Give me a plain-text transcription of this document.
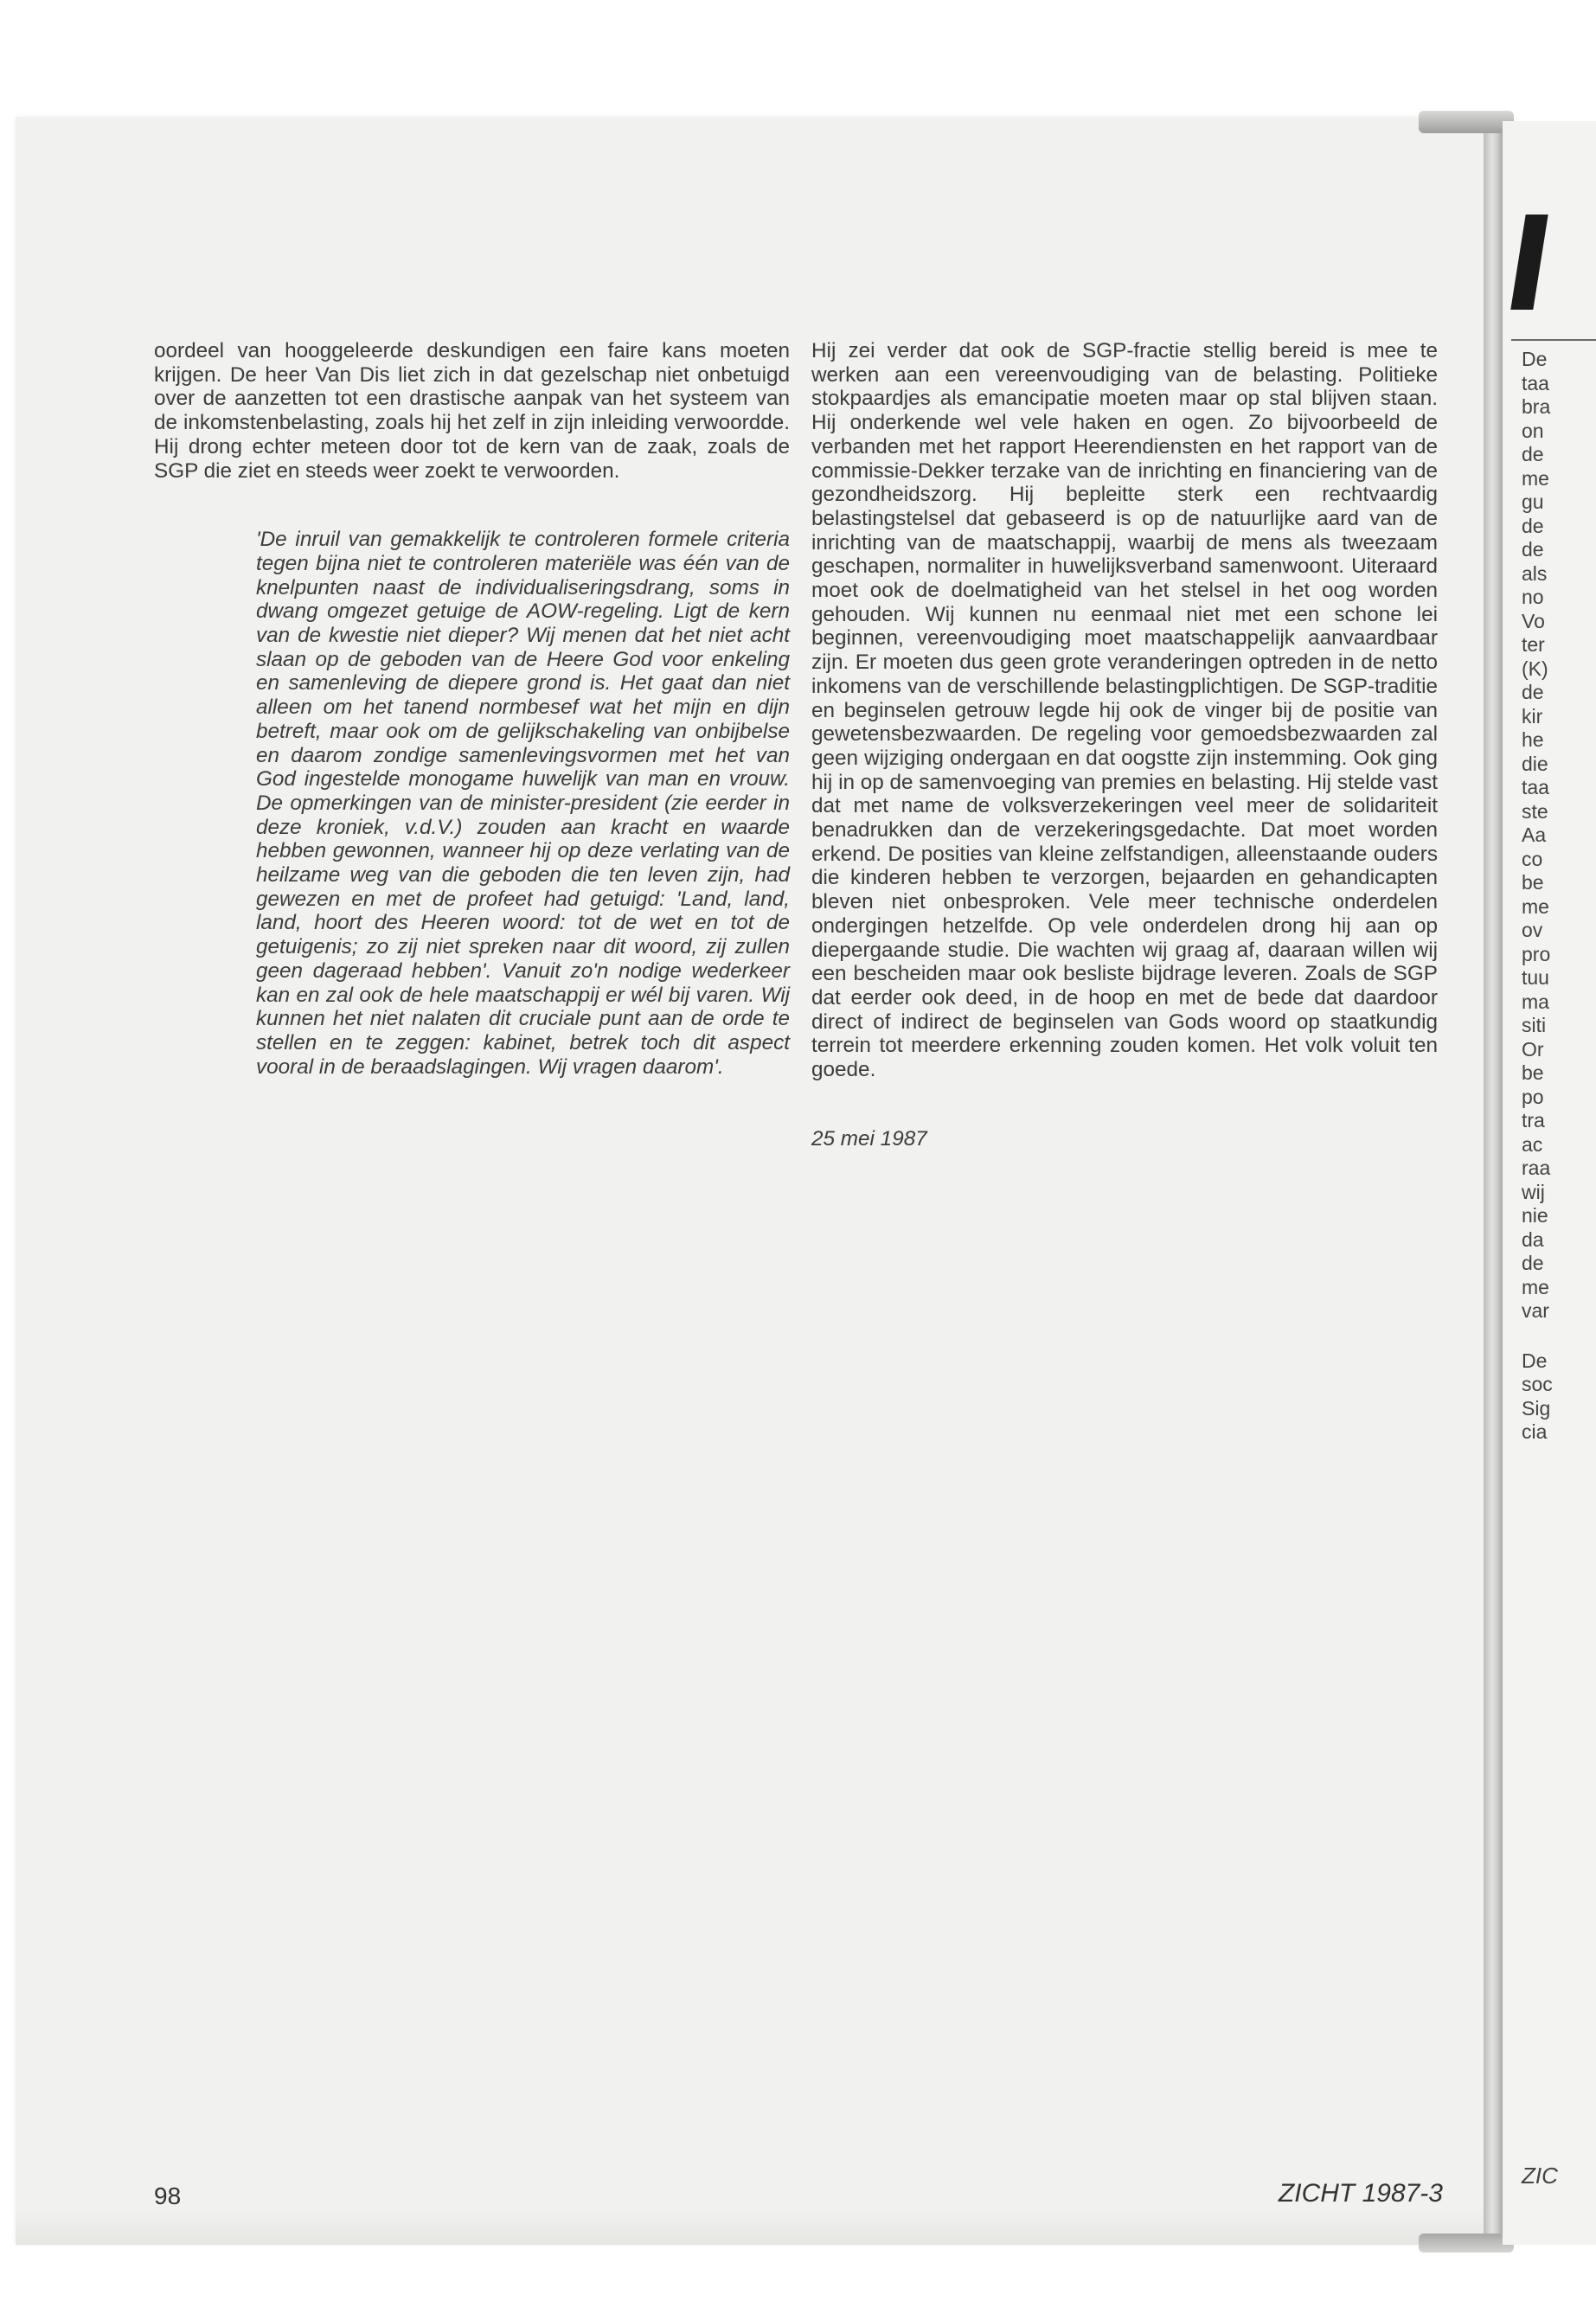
oordeel van hooggeleerde deskundigen een faire kans moeten krijgen. De heer Van Dis liet zich in dat gezelschap niet onbetuigd over de aanzetten tot een drastische aanpak van het systeem van de inkomstenbelasting, zoals hij het zelf in zijn inleiding verwoordde. Hij drong echter meteen door tot de kern van de zaak, zoals de SGP die ziet en steeds weer zoekt te verwoorden.

'De inruil van gemakkelijk te controleren formele criteria tegen bijna niet te controleren materiële was één van de knelpunten naast de individualiseringsdrang, soms in dwang omgezet getuige de AOW-regeling. Ligt de kern van de kwestie niet dieper? Wij menen dat het niet acht slaan op de geboden van de Heere God voor enkeling en samenleving de diepere grond is. Het gaat dan niet alleen om het tanend normbesef wat het mijn en dijn betreft, maar ook om de gelijkschakeling van onbijbelse en daarom zondige samenlevingsvormen met het van God ingestelde monogame huwelijk van man en vrouw. De opmerkingen van de minister-president (zie eerder in deze kroniek, v.d.V.) zouden aan kracht en waarde hebben gewonnen, wanneer hij op deze verlating van de heilzame weg van die geboden die ten leven zijn, had gewezen en met de profeet had getuigd: 'Land, land, land, hoort des Heeren woord: tot de wet en tot de getuigenis; zo zij niet spreken naar dit woord, zij zullen geen dageraad hebben'. Vanuit zo'n nodige wederkeer kan en zal ook de hele maatschappij er wél bij varen. Wij kunnen het niet nalaten dit cruciale punt aan de orde te stellen en te zeggen: kabinet, betrek toch dit aspect vooral in de beraadslagingen. Wij vragen daarom'.

Hij zei verder dat ook de SGP-fractie stellig bereid is mee te werken aan een vereenvoudiging van de belasting. Politieke stokpaardjes als emancipatie moeten maar op stal blijven staan. Hij onderkende wel vele haken en ogen. Zo bijvoorbeeld de verbanden met het rapport Heerendiensten en het rapport van de commissie-Dekker terzake van de inrichting en financiering van de gezondheidszorg. Hij bepleitte sterk een rechtvaardig belastingstelsel dat gebaseerd is op de natuurlijke aard van de inrichting van de maatschappij, waarbij de mens als tweezaam geschapen, normaliter in huwelijksverband samenwoont. Uiteraard moet ook de doelmatigheid van het stelsel in het oog worden gehouden. Wij kunnen nu eenmaal niet met een schone lei beginnen, vereenvoudiging moet maatschappelijk aanvaardbaar zijn. Er moeten dus geen grote veranderingen optreden in de netto inkomens van de verschillende belastingplichtigen. De SGP-traditie en beginselen getrouw legde hij ook de vinger bij de positie van gewetensbezwaarden. De regeling voor gemoedsbezwaarden zal geen wijziging ondergaan en dat oogstte zijn instemming. Ook ging hij in op de samenvoeging van premies en belasting. Hij stelde vast dat met name de volksverzekeringen veel meer de solidariteit benadrukken dan de verzekeringsgedachte. Dat moet worden erkend. De posities van kleine zelfstandigen, alleenstaande ouders die kinderen hebben te verzorgen, bejaarden en gehandicapten bleven niet onbesproken. Vele meer technische onderdelen ondergingen hetzelfde. Op vele onderdelen drong hij aan op diepergaande studie. Die wachten wij graag af, daaraan willen wij een bescheiden maar ook besliste bijdrage leveren. Zoals de SGP dat eerder ook deed, in de hoop en met de bede dat daardoor direct of indirect de beginselen van Gods woord op staatkundig terrein tot meerdere erkenning zouden komen. Het volk voluit ten goede.

25 mei 1987

98	ZICHT 1987-3
De
taa
bra
on
de
me
gu
de
de
als
no
Vo
ter
(K)
de
kir
he
die
taa
ste
Aa
co
be
me
ov
pro
tuu
ma
siti
Or
be
po
tra
ac
raa
wij
nie
da
de
me
var
De
soc
Sig
cia
ZIC
